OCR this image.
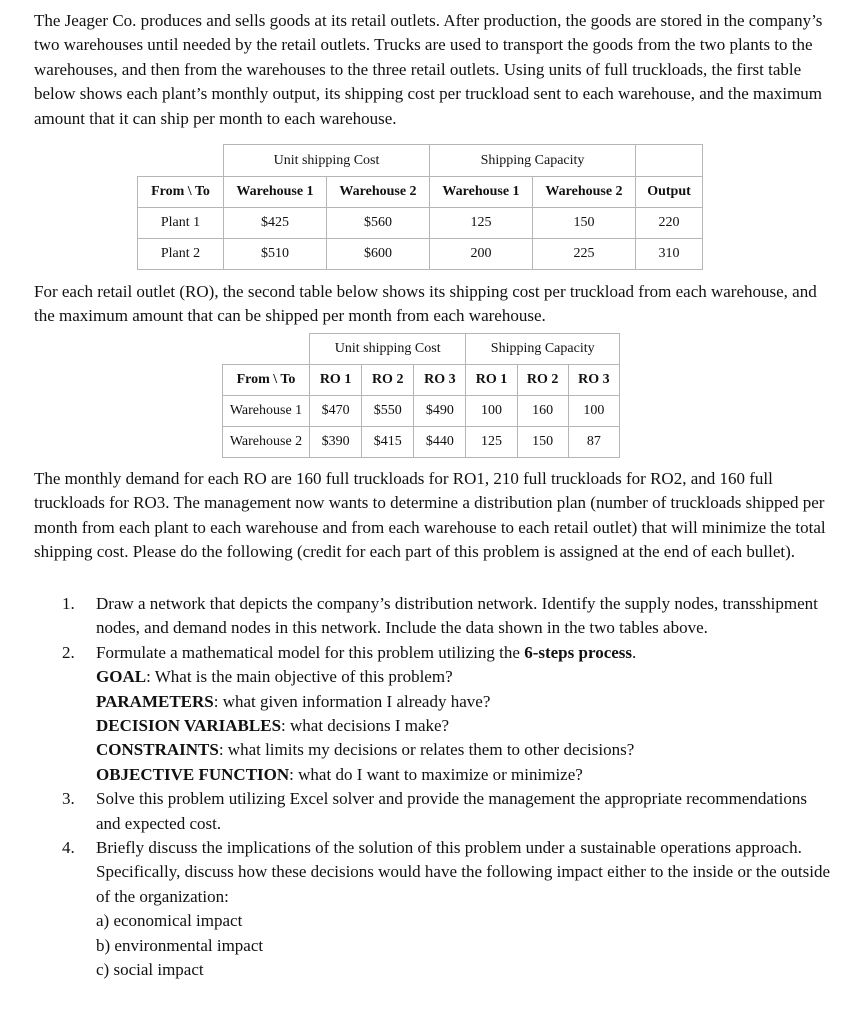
The Jeager Co. produces and sells goods at its retail outlets. After production, the goods are stored in the company’s two warehouses until needed by the retail outlets. Trucks are used to transport the goods from the two plants to the warehouses, and then from the warehouses to the three retail outlets. Using units of full truckloads, the first table below shows each plant’s monthly output, its shipping cost per truckload sent to each warehouse, and the maximum amount that it can ship per month to each warehouse.

	Unit shipping Cost		Shipping Capacity		
From \ To	Warehouse 1	Warehouse 2	Warehouse 1	Warehouse 2	Output
Plant 1	$425	$560	125	150	220
Plant 2	$510	$600	200	225	310

For each retail outlet (RO), the second table below shows its shipping cost per truckload from each warehouse, and the maximum amount that can be shipped per month from each warehouse.

	Unit shipping Cost			Shipping Capacity		
From \ To	RO 1	RO 2	RO 3	RO 1	RO 2	RO 3
Warehouse 1	$470	$550	$490	100	160	100
Warehouse 2	$390	$415	$440	125	150	87

The monthly demand for each RO are 160 full truckloads for RO1, 210 full truckloads for RO2, and 160 full truckloads for RO3. The management now wants to determine a distribution plan (number of truckloads shipped per month from each plant to each warehouse and from each warehouse to each retail outlet) that will minimize the total shipping cost. Please do the following (credit for each part of this problem is assigned at the end of each bullet).

1. Draw a network that depicts the company’s distribution network. Identify the supply nodes, transshipment nodes, and demand nodes in this network. Include the data shown in the two tables above.
2. Formulate a mathematical model for this problem utilizing the 6-steps process.
GOAL: What is the main objective of this problem?
PARAMETERS: what given information I already have?
DECISION VARIABLES: what decisions I make?
CONSTRAINTS: what limits my decisions or relates them to other decisions?
OBJECTIVE FUNCTION: what do I want to maximize or minimize?
3. Solve this problem utilizing Excel solver and provide the management the appropriate recommendations and expected cost.
4. Briefly discuss the implications of the solution of this problem under a sustainable operations approach. Specifically, discuss how these decisions would have the following impact either to the inside or the outside of the organization:
a) economical impact
b) environmental impact
c) social impact
